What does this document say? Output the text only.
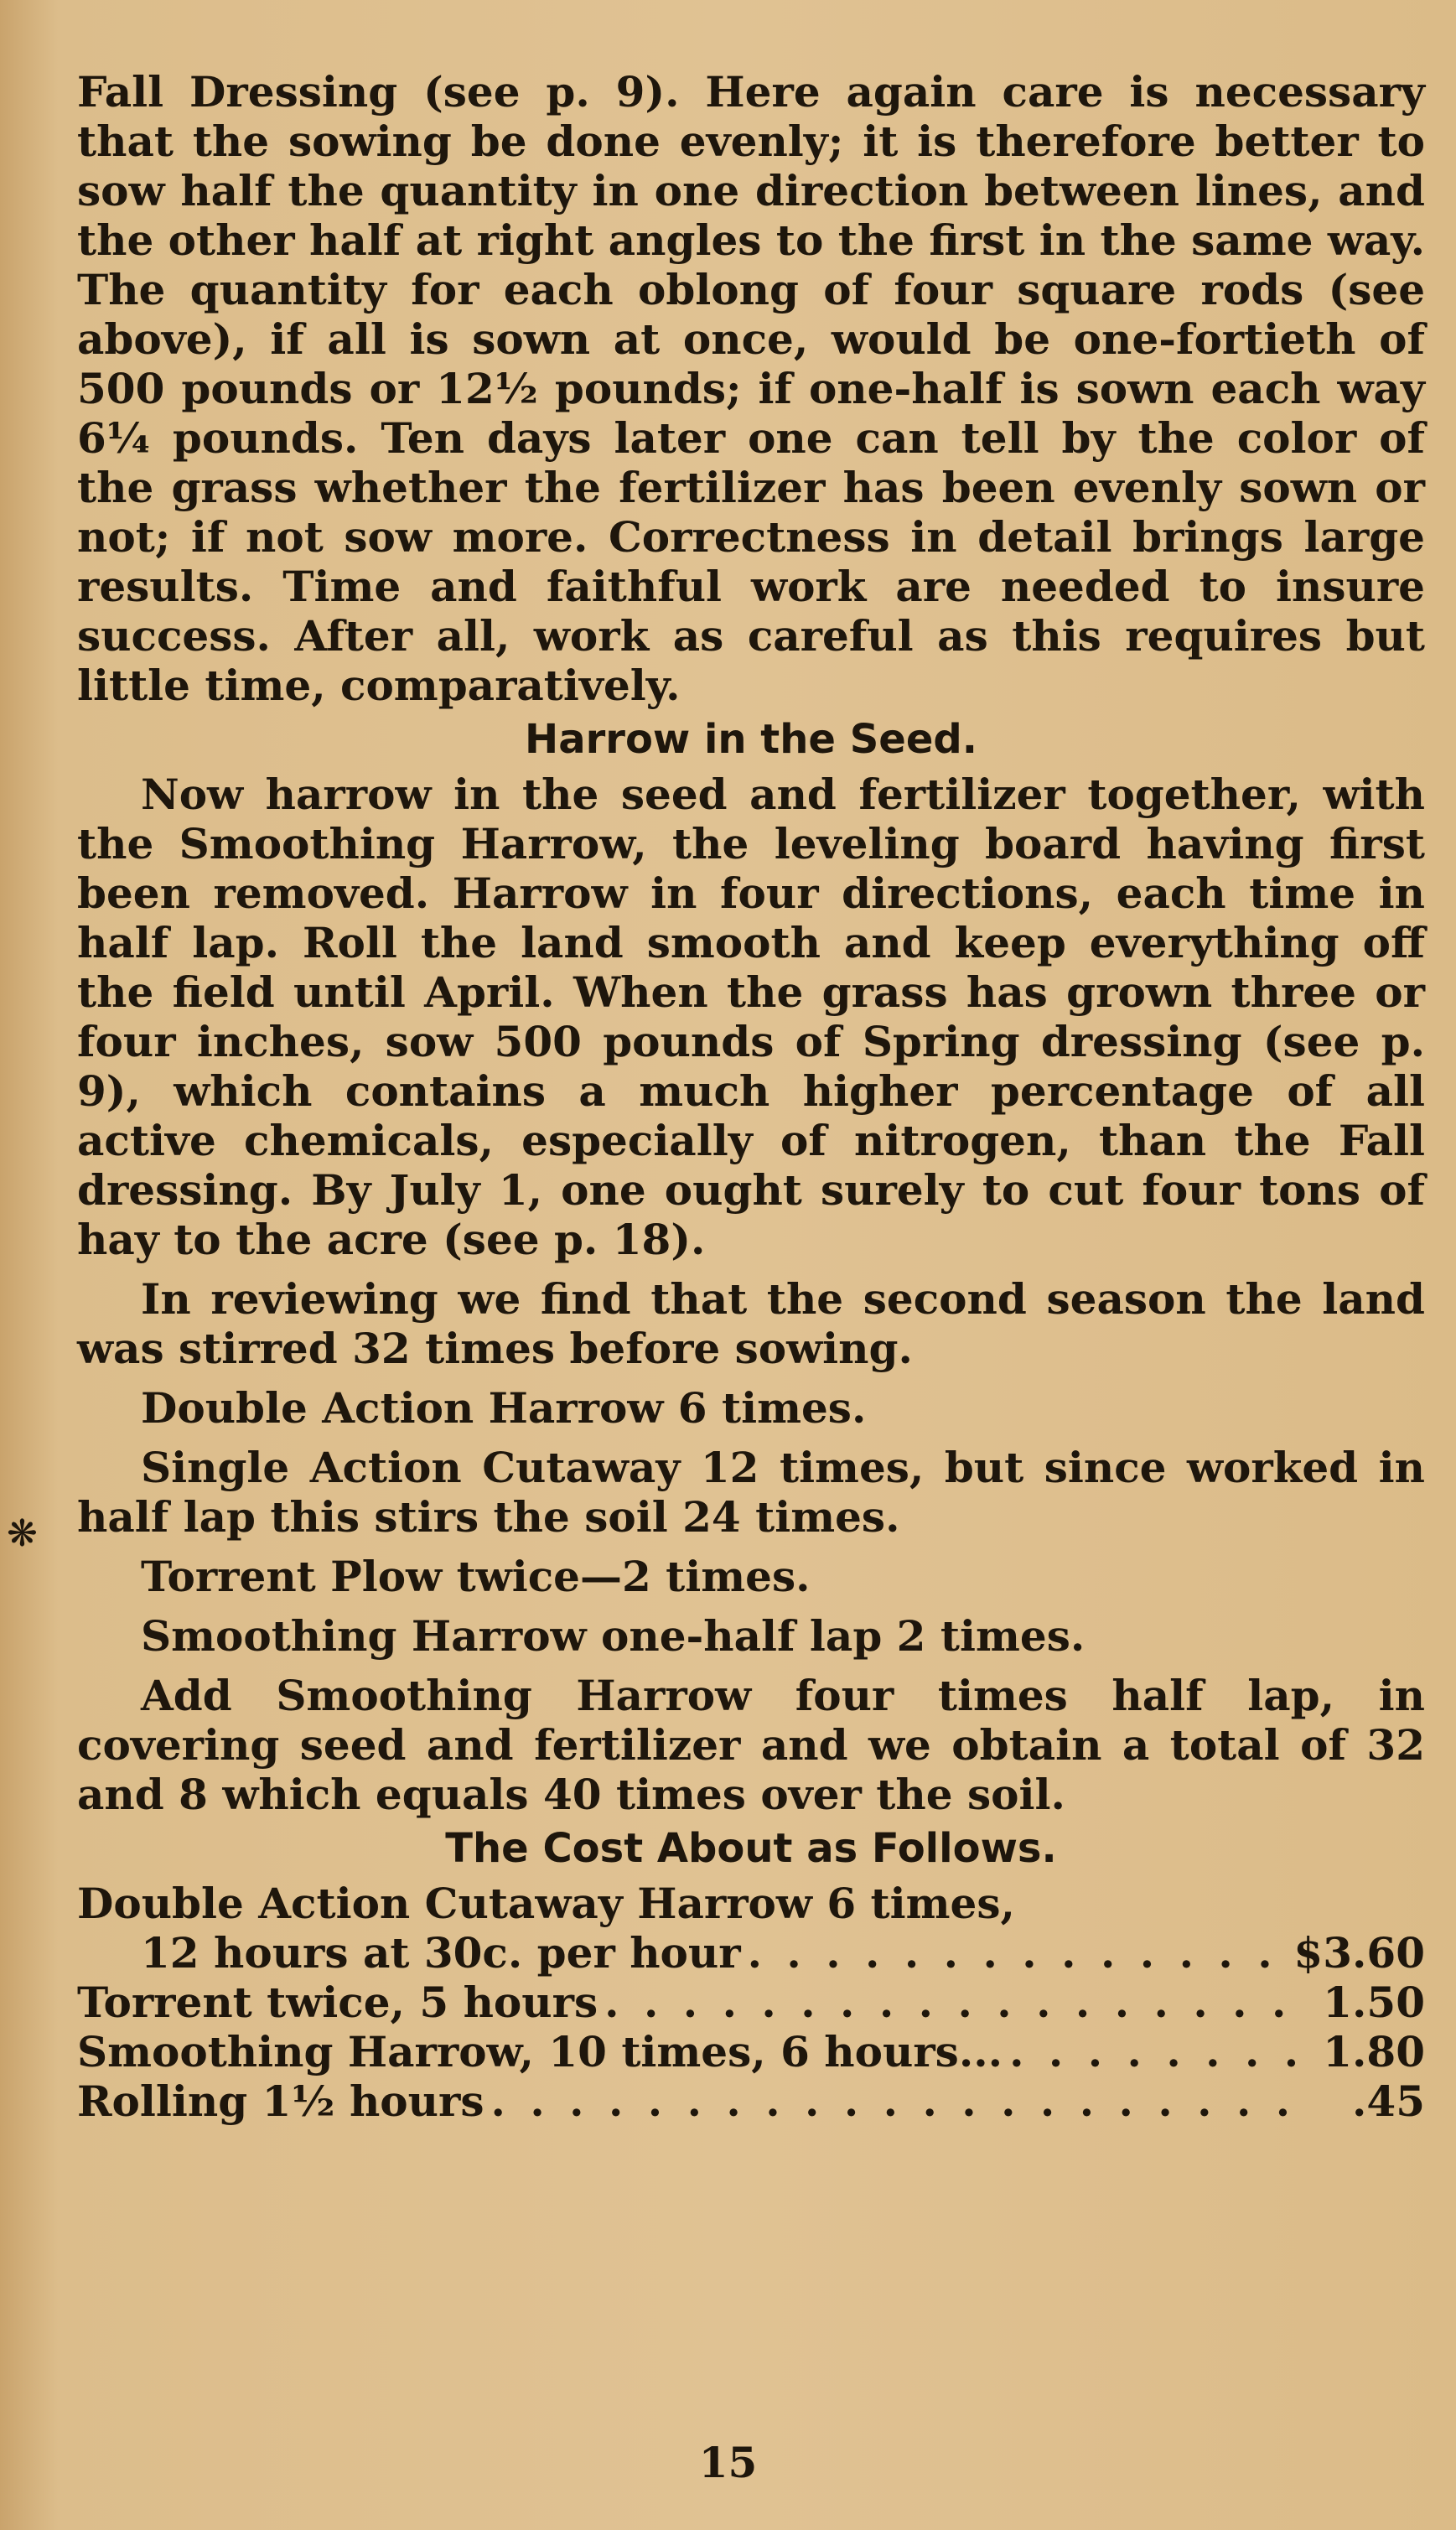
❋

Fall Dressing (see p. 9). Here again care is necessary that the sowing be done evenly; it is therefore better to sow half the quantity in one direction between lines, and the other half at right angles to the first in the same way. The quantity for each oblong of four square rods (see above), if all is sown at once, would be one-fortieth of 500 pounds or 12½ pounds; if one-half is sown each way 6¼ pounds. Ten days later one can tell by the color of the grass whether the fertilizer has been evenly sown or not; if not sow more. Correctness in detail brings large results. Time and faithful work are needed to insure success. After all, work as careful as this requires but little time, comparatively.

Harrow in the Seed.

Now harrow in the seed and fertilizer together, with the Smoothing Harrow, the leveling board having first been removed. Harrow in four directions, each time in half lap. Roll the land smooth and keep everything off the field until April. When the grass has grown three or four inches, sow 500 pounds of Spring dressing (see p. 9), which contains a much higher percentage of all active chemicals, especially of nitrogen, than the Fall dressing. By July 1, one ought surely to cut four tons of hay to the acre (see p. 18).

In reviewing we find that the second season the land was stirred 32 times before sowing.

Double Action Harrow 6 times.

Single Action Cutaway 12 times, but since worked in half lap this stirs the soil 24 times.

Torrent Plow twice—2 times.

Smoothing Harrow one-half lap 2 times.

Add Smoothing Harrow four times half lap, in covering seed and fertilizer and we obtain a total of 32 and 8 which equals 40 times over the soil.

The Cost About as Follows.
Double Action Cutaway Harrow 6 times,
12 hours at 30c. per hour . . .	$3.60
Torrent twice, 5 hours . . .	1.50
Smoothing Harrow, 10 times, 6 hours... . . .	1.80
Rolling 1½ hours . . .	.45
15
